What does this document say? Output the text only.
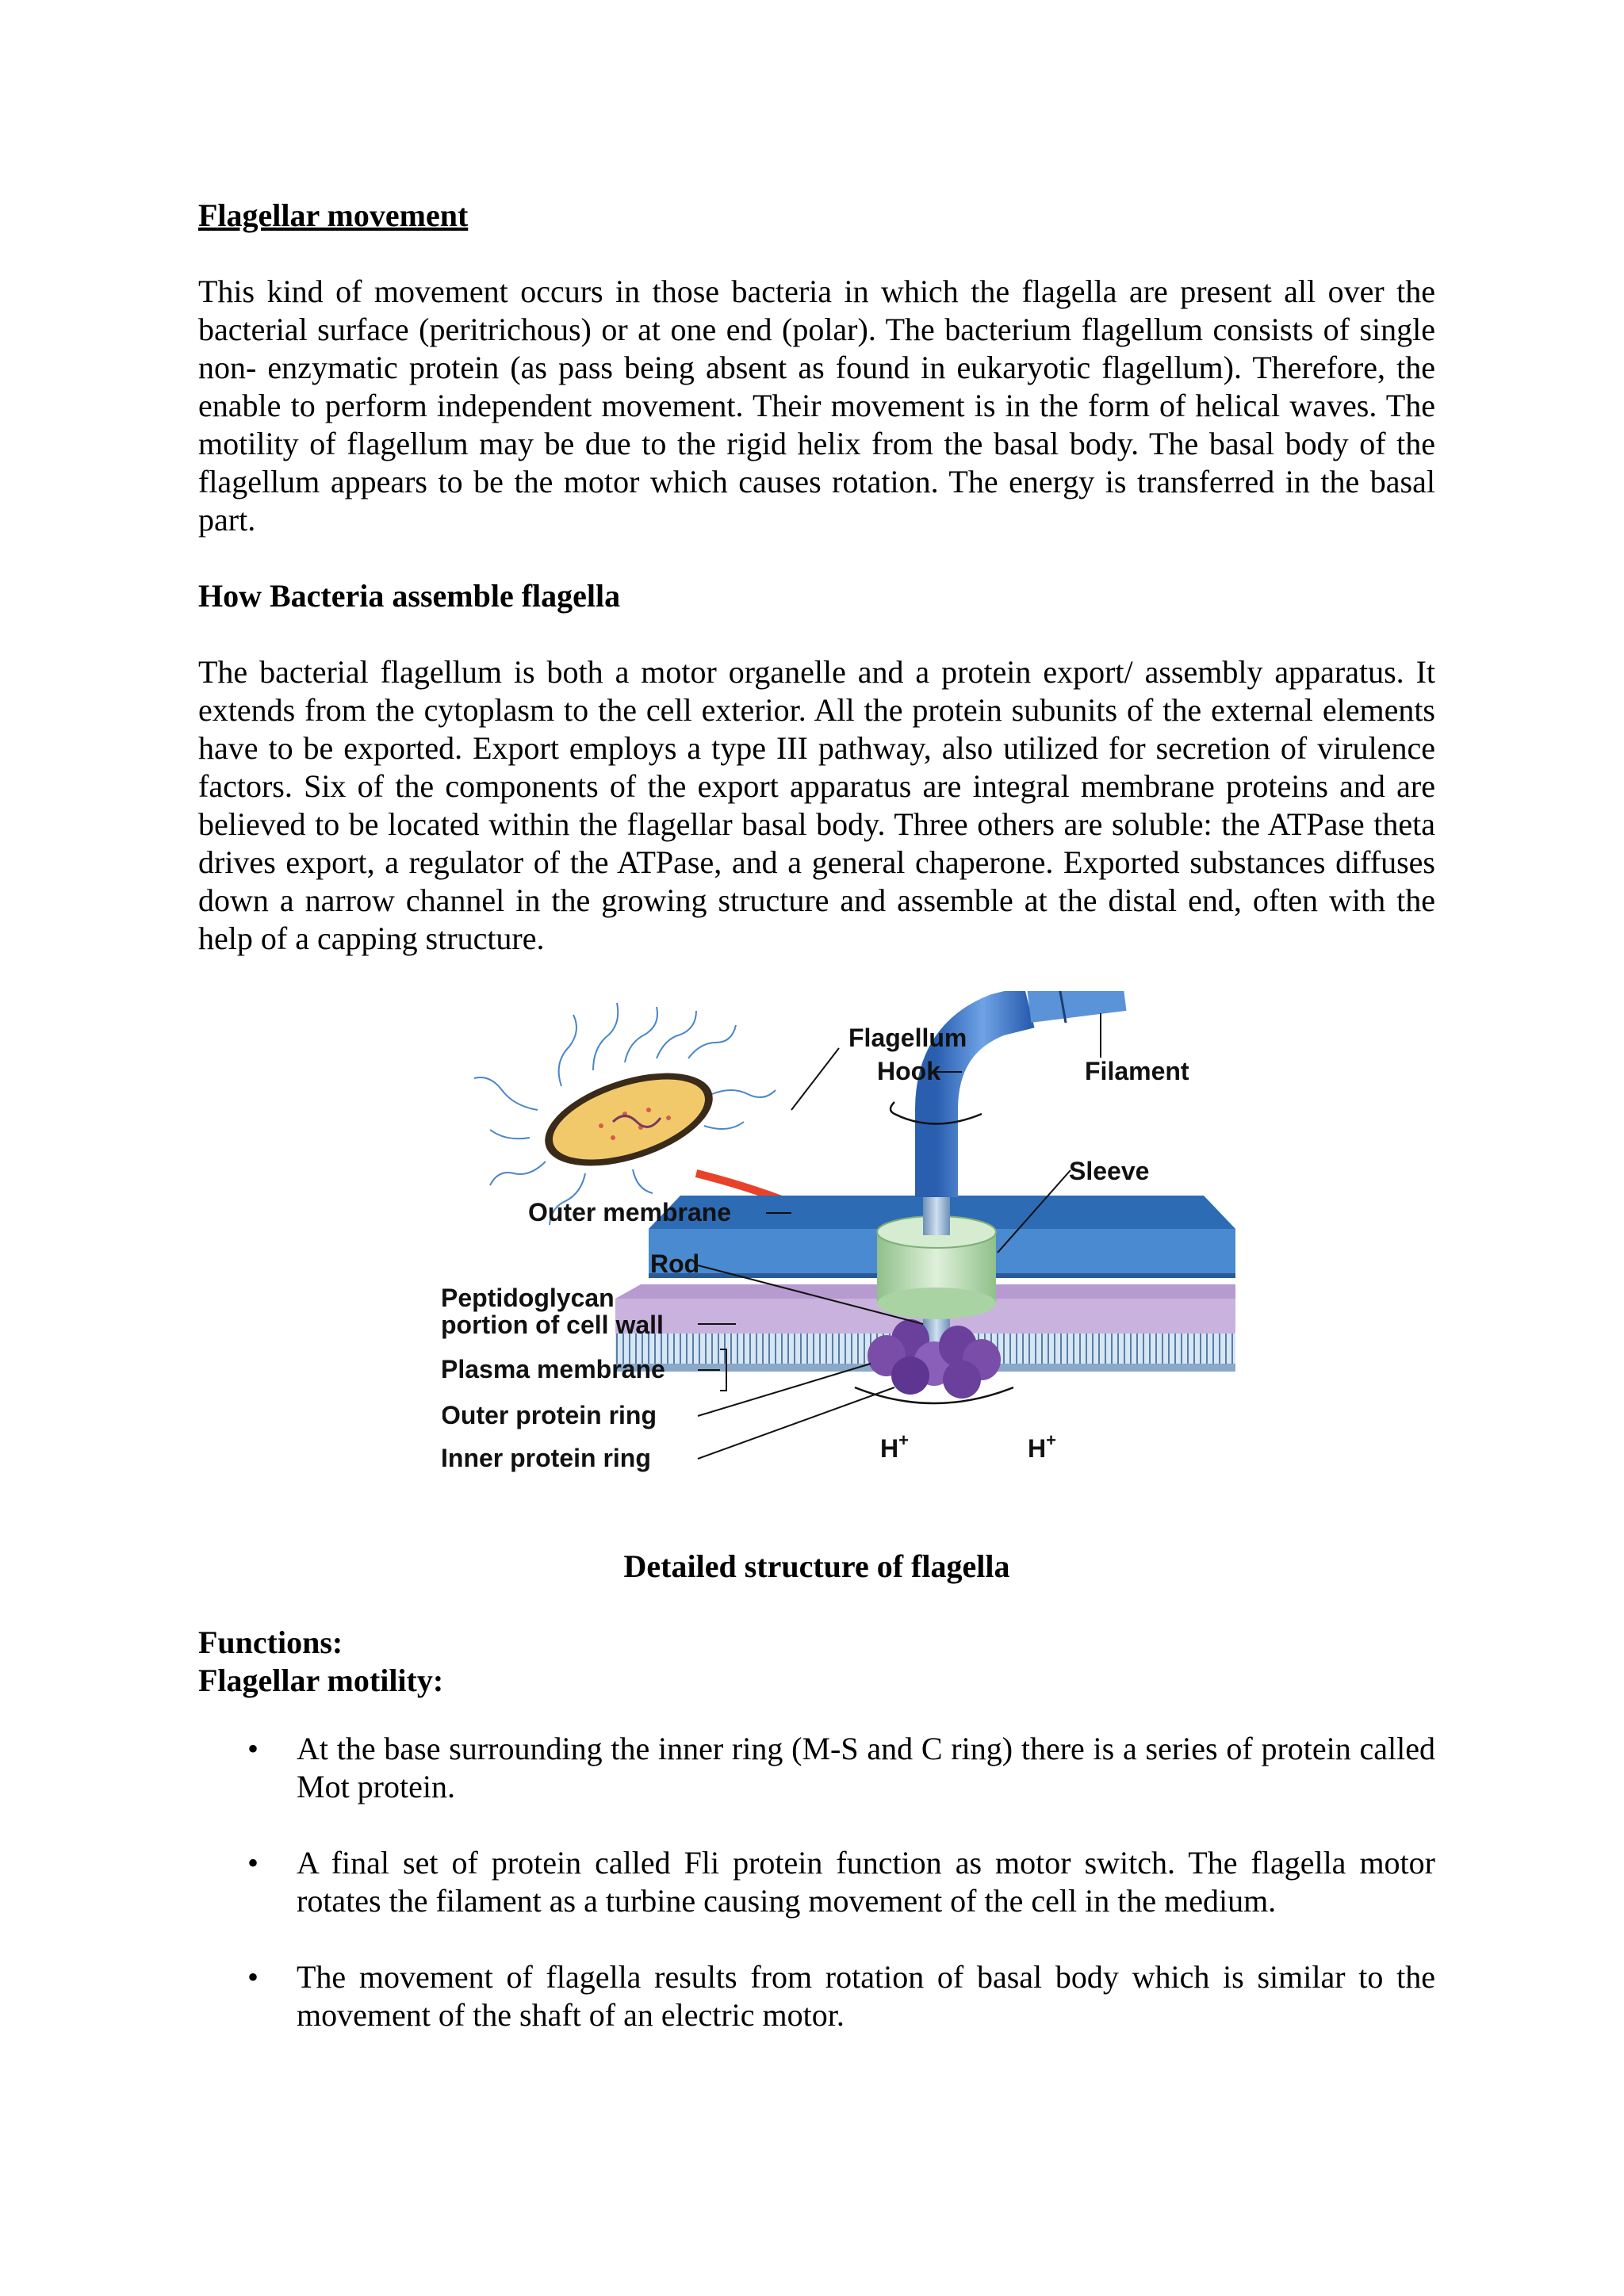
Flagellar movement
This kind of movement occurs in those bacteria in which the flagella are present all over the bacterial surface (peritrichous) or at one end (polar). The bacterium flagellum consists of single non- enzymatic protein (as pass being absent as found in eukaryotic flagellum). Therefore, the enable to perform independent movement. Their movement is in the form of helical waves. The motility of flagellum may be due to the rigid helix from the basal body. The basal body of the flagellum appears to be the motor which causes rotation. The energy is transferred in the basal part.
How Bacteria assemble flagella
The bacterial flagellum is both a motor organelle and a protein export/ assembly apparatus. It extends from the cytoplasm to the cell exterior. All the protein subunits of the external elements have to be exported. Export employs a type III pathway, also utilized for secretion of virulence factors. Six of the components of the export apparatus are integral membrane proteins and are believed to be located within the flagellar basal body. Three others are soluble: the ATPase theta drives export, a regulator of the ATPase, and a general chaperone. Exported substances diffuses down a narrow channel in the growing structure and assemble at the distal end, often with the help of a capping structure.
Flagellum
Hook	Filament
Sleeve
Outer membrane
Rod
Peptidoglycan
portion of cell wall
Plasma membrane
Outer protein ring
Inner protein ring	H+	H+
Detailed structure of flagella
Functions:
Flagellar motility:
• At the base surrounding the inner ring (M-S and C ring) there is a series of protein called Mot protein.
• A final set of protein called Fli protein function as motor switch. The flagella motor rotates the filament as a turbine causing movement of the cell in the medium.
• The movement of flagella results from rotation of basal body which is similar to the movement of the shaft of an electric motor.
